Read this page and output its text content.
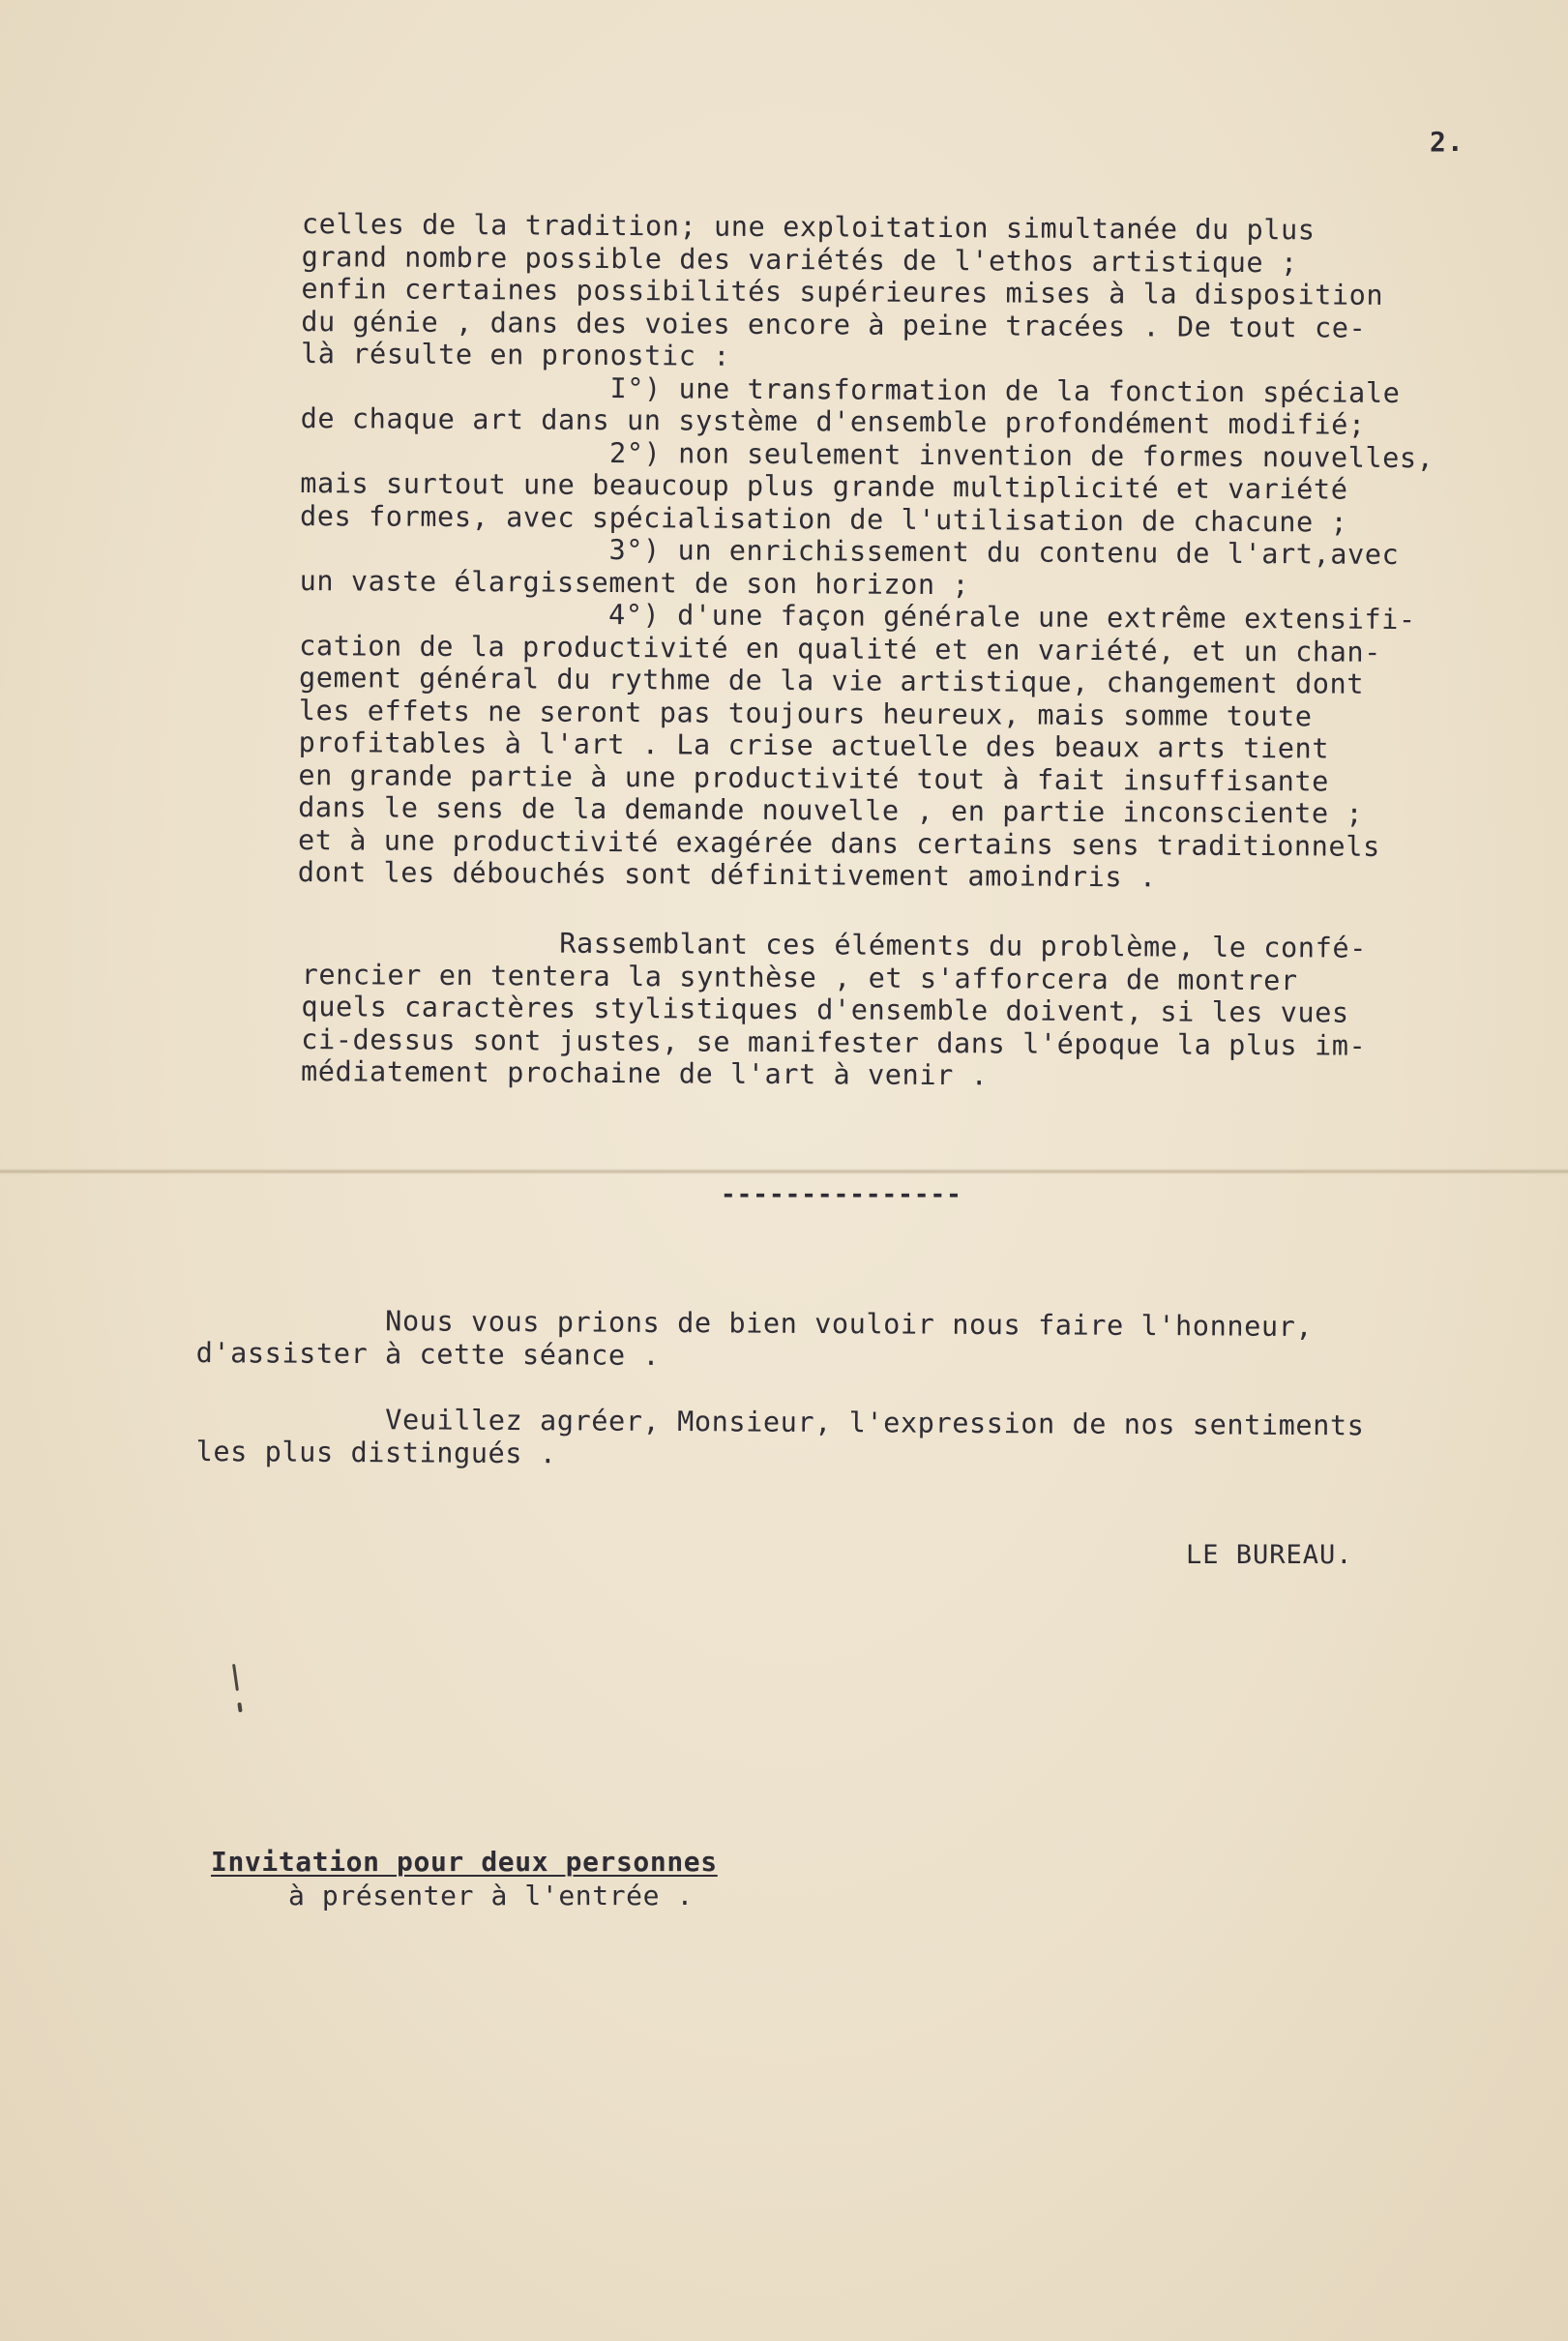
2.
celles de la tradition; une exploitation simultanée du plus
grand nombre possible des variétés de l'ethos artistique ;
enfin certaines possibilités supérieures mises à la disposition
du génie , dans des voies encore à peine tracées . De tout ce-
là résulte en pronostic :
I°) une transformation de la fonction spéciale
de chaque art dans un système d'ensemble profondément modifié;
2°) non seulement invention de formes nouvelles,
mais surtout une beaucoup plus grande multiplicité et variété
des formes, avec spécialisation de l'utilisation de chacune ;
3°) un enrichissement du contenu de l'art,avec
un vaste élargissement de son horizon ;
4°) d'une façon générale une extrême extensifi-
cation de la productivité en qualité et en variété, et un chan-
gement général du rythme de la vie artistique, changement dont
les effets ne seront pas toujours heureux, mais somme toute
profitables à l'art . La crise actuelle des beaux arts tient
en grande partie à une productivité tout à fait insuffisante
dans le sens de la demande nouvelle , en partie inconsciente ;
et à une productivité exagérée dans certains sens traditionnels
dont les débouchés sont définitivement amoindris .
Rassemblant ces éléments du problème, le confé-
rencier en tentera la synthèse , et s'afforcera de montrer
quels caractères stylistiques d'ensemble doivent, si les vues
ci-dessus sont justes, se manifester dans l'époque la plus im-
médiatement prochaine de l'art à venir .
---------------
Nous vous prions de bien vouloir nous faire l'honneur,
d'assister à cette séance .
Veuillez agréer, Monsieur, l'expression de nos sentiments
les plus distingués .
LE BUREAU.
Invitation pour deux personnes
à présenter à l'entrée .
